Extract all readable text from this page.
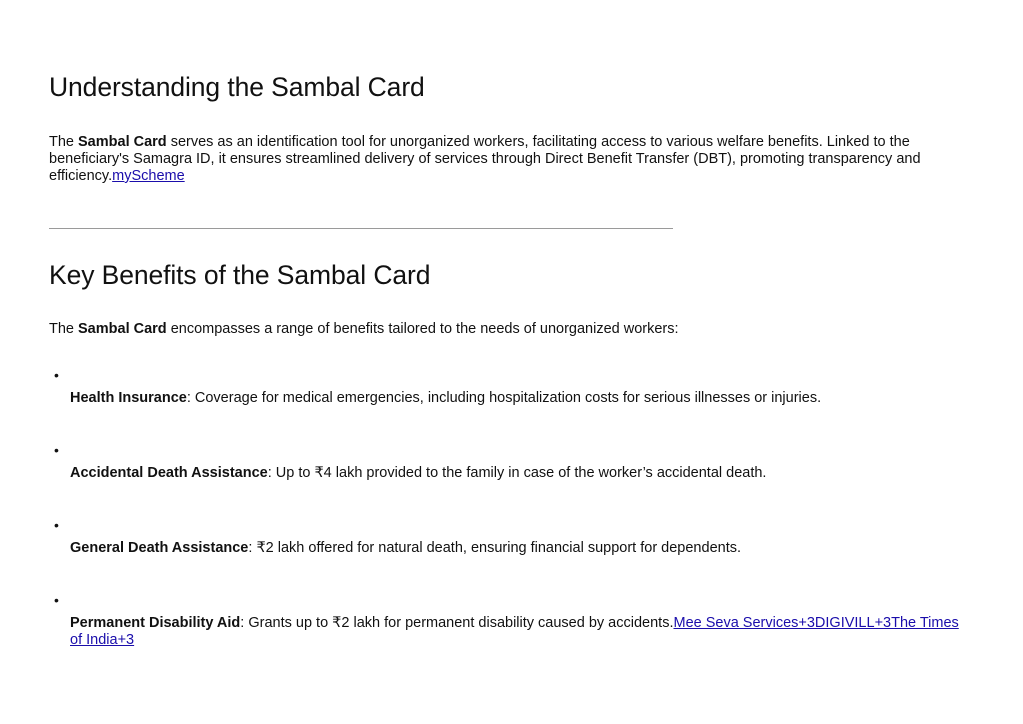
Understanding the Sambal Card

The Sambal Card serves as an identification tool for unorganized workers, facilitating access to various welfare benefits. Linked to the beneficiary's Samagra ID, it ensures streamlined delivery of services through Direct Benefit Transfer (DBT), promoting transparency and efficiency.myScheme

Key Benefits of the Sambal Card

The Sambal Card encompasses a range of benefits tailored to the needs of unorganized workers:

•
Health Insurance: Coverage for medical emergencies, including hospitalization costs for serious illnesses or injuries.
•
Accidental Death Assistance: Up to ₹4 lakh provided to the family in case of the worker’s accidental death.
•
General Death Assistance: ₹2 lakh offered for natural death, ensuring financial support for dependents.
•
Permanent Disability Aid: Grants up to ₹2 lakh for permanent disability caused by accidents.Mee Seva Services+3DIGIVILL+3The Times of India+3
